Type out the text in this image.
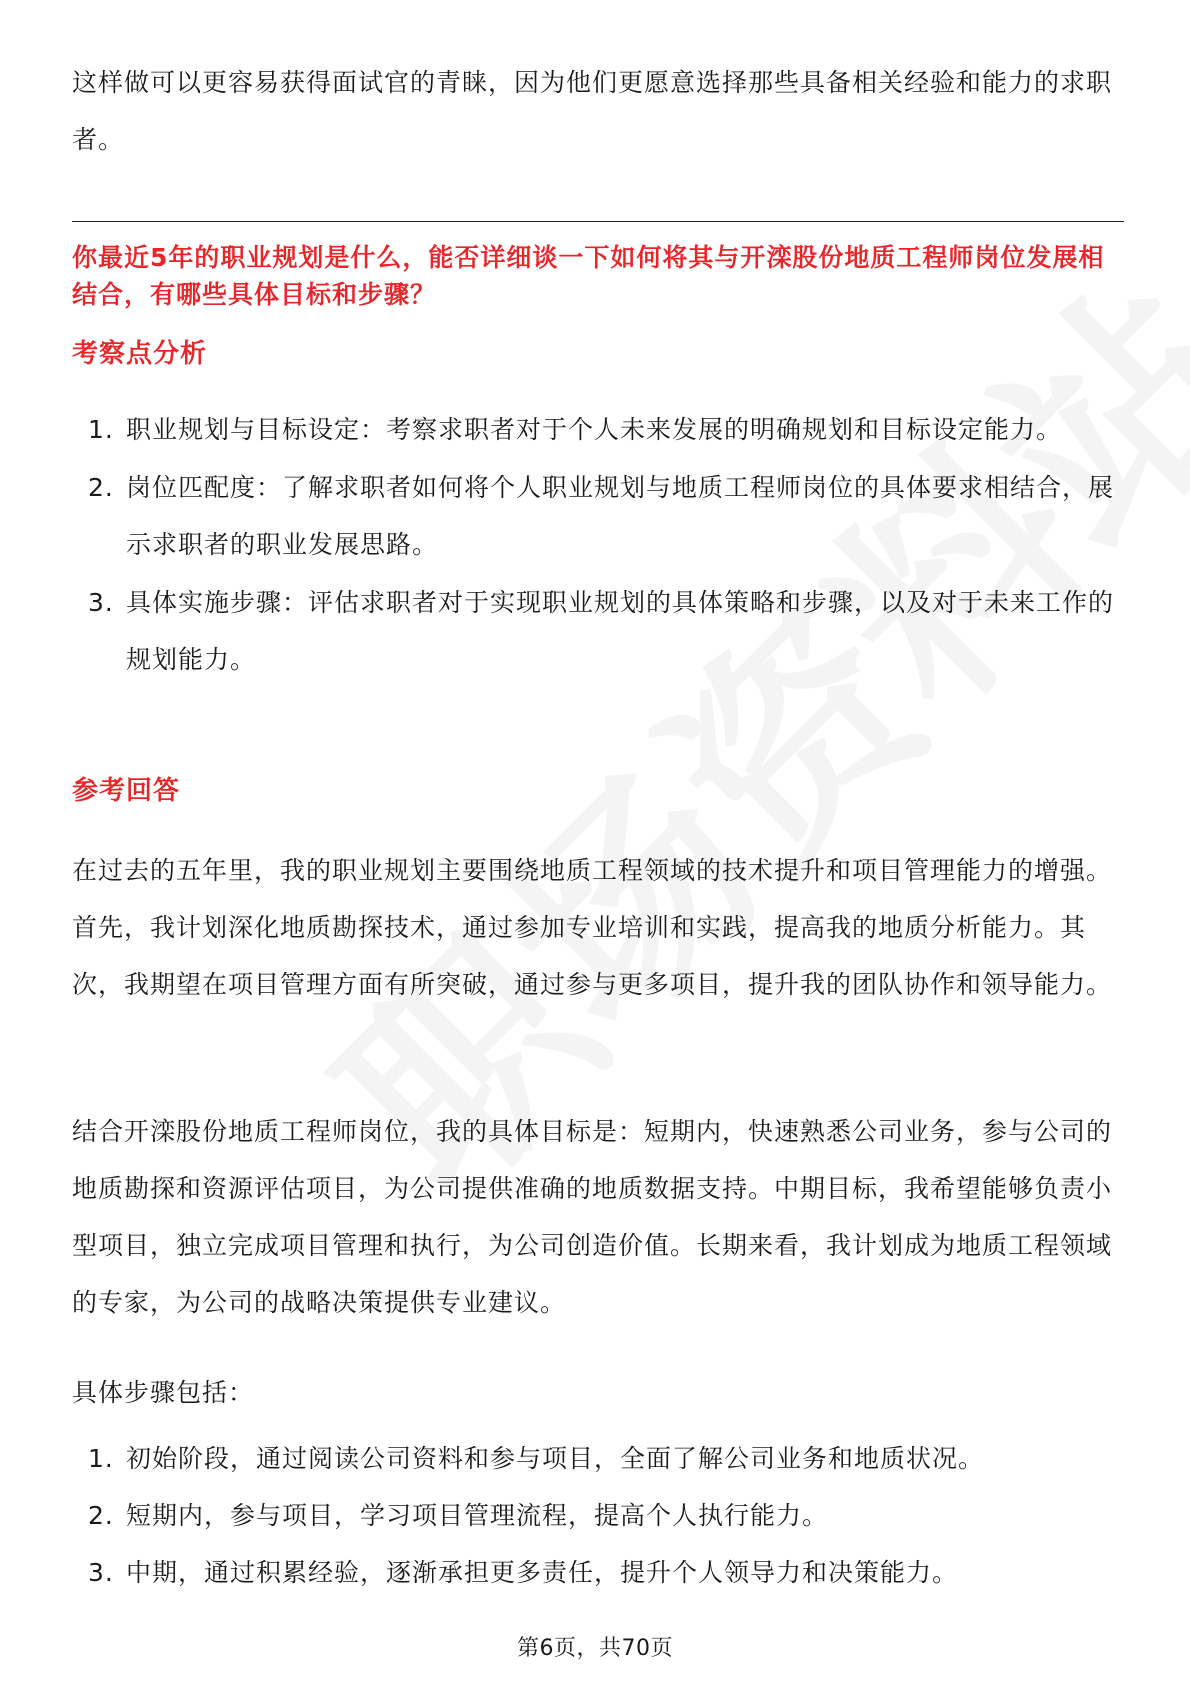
这样做可以更容易获得面试官的青睐，因为他们更愿意选择那些具备相关经验和能力的求职者。

你最近5年的职业规划是什么，能否详细谈一下如何将其与开滦股份地质工程师岗位发展相结合，有哪些具体目标和步骤？

考察点分析
1. 职业规划与目标设定：考察求职者对于个人未来发展的明确规划和目标设定能力。
2. 岗位匹配度：了解求职者如何将个人职业规划与地质工程师岗位的具体要求相结合，展示求职者的职业发展思路。
3. 具体实施步骤：评估求职者对于实现职业规划的具体策略和步骤，以及对于未来工作的规划能力。
参考回答

在过去的五年里，我的职业规划主要围绕地质工程领域的技术提升和项目管理能力的增强。首先，我计划深化地质勘探技术，通过参加专业培训和实践，提高我的地质分析能力。其次，我期望在项目管理方面有所突破，通过参与更多项目，提升我的团队协作和领导能力。

结合开滦股份地质工程师岗位，我的具体目标是：短期内，快速熟悉公司业务，参与公司的地质勘探和资源评估项目，为公司提供准确的地质数据支持。中期目标，我希望能够负责小型项目，独立完成项目管理和执行，为公司创造价值。长期来看，我计划成为地质工程领域的专家，为公司的战略决策提供专业建议。

具体步骤包括：

1. 初始阶段，通过阅读公司资料和参与项目，全面了解公司业务和地质状况。
2. 短期内，参与项目，学习项目管理流程，提高个人执行能力。
3. 中期，通过积累经验，逐渐承担更多责任，提升个人领导力和决策能力。
第6页，共70页
